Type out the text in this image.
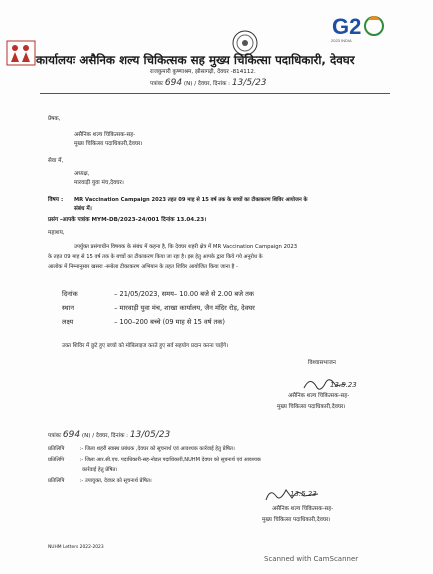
G2
2023 INDIA
कार्यालयः असैनिक शल्य चिकित्सक सह मुख्य चिकित्सा पदाधिकारी, देवघर
राजकुमारी कुष्णाश्रम, झौसागढ़ी, देवघर -814112.
पत्रांकः 694 (N) / देवघर, दिनांक : 13/5/23
प्रेषक,
असैनिक शल्य चिकित्सक-सह-
मुख्य चिकित्सा पदाधिकारी,देवघर।
सेवा में,
अध्यक्ष,
मारवाड़ी युवा मंच,देवघर।
विषय : MR Vaccination Campaign 2023 तहत 09 माह से 15 वर्ष तक के बच्चों का टीकाकरण शिविर आयोजन के
संबंध में।
प्रसंग -आपके पत्रांक MYM-DB/2023-24/001 दिनांक 13.04.23।
महाशय,
उपर्युक्त प्रसंगाधीन विषयक के संबंध में कहना है, कि देवघर शहरी क्षेत्र में MR Vaccination Campaign 2023
के तहत 09 माह से 15 वर्ष तक के बच्चों का टीकाकरण किया जा रहा है। इस हेतु आपके द्वारा किये गये अनुरोध के
आलोक में निम्नानुसार खसरा -रूबेला टीकाकरण अभियान के तहत शिविर आयोजित किया जाना है -
दिनांक	– 21/05/2023, समय– 10.00 बजे से 2.00 बजे तक
स्थान	– मारवाड़ी युवा मंच, शाखा कार्यालय, जैन मंदिर रोड़, देवघर
लक्ष्य	– 100–200 बच्चे (09 माह से 15 वर्ष तक)
उक्त शिविर में छुटे हुए बच्चो को मोबिलाइज करते हुए सर्व सहयोग प्रदान करना चाहेंगे।
विश्वासभाजन
13.5.23
असैनिक शल्य चिकित्सक-सह-
मुख्य चिकित्सा पदाधिकारी,देवघर।
पत्रांकः 694 (N) / देवघर, दिनांक : 13/05/23
प्रतिलिपि	:- जिला शहरी स्वास्थ प्रबंधक ,देवघर को सूचनार्थ एवं आवश्यक कार्रवाई हेतु प्रेषित।
प्रतिलिपि	:- जिला आर.सी.एच. पदाधिकारी-सह-नोडल पदाधिकारी,NUHM देवघर को सूचनार्थ एवं आवश्यक
कार्रवाई हेतु प्रेषित।
प्रतिलिपि	:- उपायुक्त, देवघर को सूचनार्थ प्रेषित।
13.5.23
असैनिक शल्य चिकित्सक-सह-
मुख्य चिकित्सा पदाधिकारी,देवघर।
NUHM Letters 2022-2023
Scanned with CamScanner
